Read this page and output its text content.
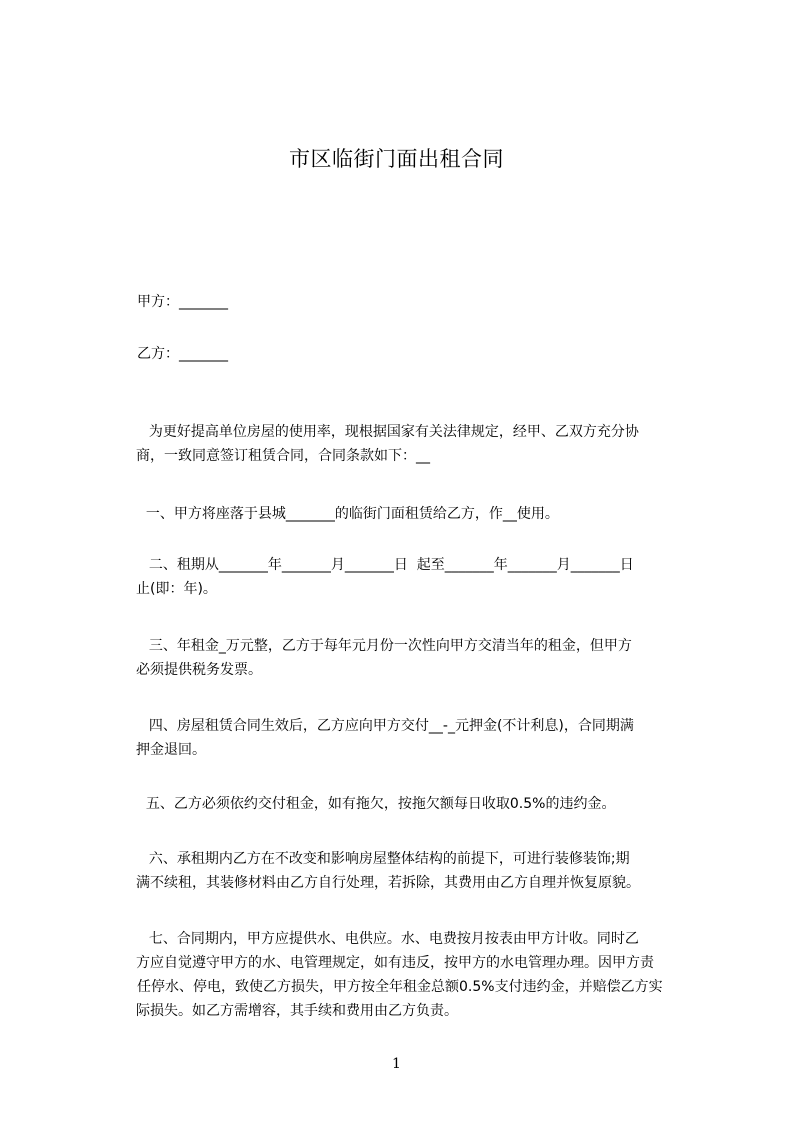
市区临街门面出租合同

甲方：_______

乙方：_______

为更好提高单位房屋的使用率，现根据国家有关法律规定，经甲、乙双方充分协
商，一致同意签订租赁合同，合同条款如下：__

一、甲方将座落于县城_______的临街门面租赁给乙方，作__使用。

二、租期从_______年_______月_______日  起至_______年_______月_______日
止(即：年)。

三、年租金_万元整，乙方于每年元月份一次性向甲方交清当年的租金，但甲方
必须提供税务发票。

四、房屋租赁合同生效后，乙方应向甲方交付__-_元押金(不计利息)，合同期满
押金退回。

五、乙方必须依约交付租金，如有拖欠，按拖欠额每日收取0.5%的违约金。

六、承租期内乙方在不改变和影响房屋整体结构的前提下，可进行装修装饰;期
满不续租，其装修材料由乙方自行处理，若拆除，其费用由乙方自理并恢复原貌。

七、合同期内，甲方应提供水、电供应。水、电费按月按表由甲方计收。同时乙
方应自觉遵守甲方的水、电管理规定，如有违反，按甲方的水电管理办理。因甲方责
任停水、停电，致使乙方损失，甲方按全年租金总额0.5%支付违约金，并赔偿乙方实
际损失。如乙方需增容，其手续和费用由乙方负责。

1
